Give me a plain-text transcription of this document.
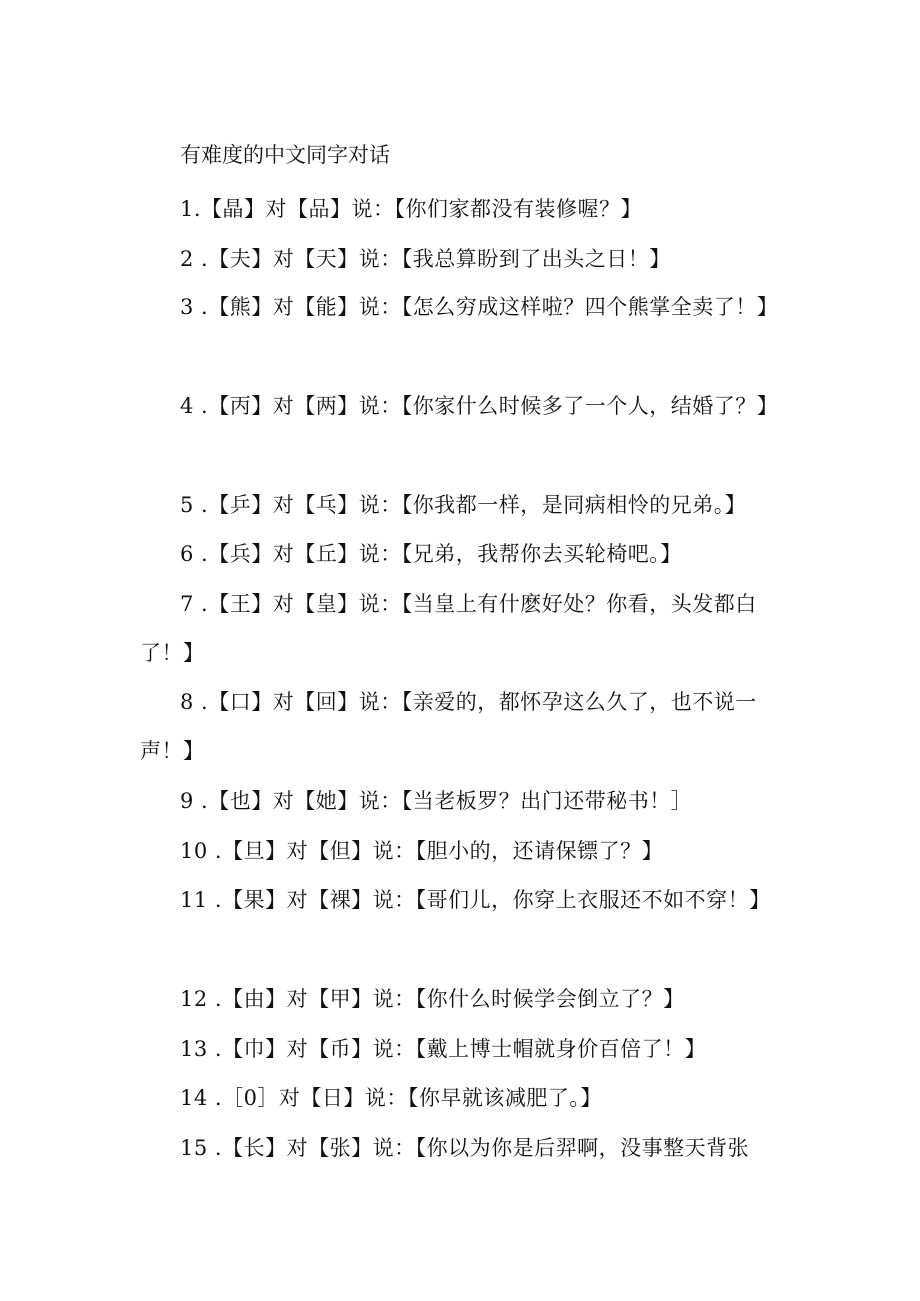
有难度的中文同字对话
1.【晶】对【品】说：【你们家都没有装修喔？】
2 .【夫】对【天】说：【我总算盼到了出头之日！】
3 .【熊】对【能】说：【怎么穷成这样啦？四个熊掌全卖了！】
4 .【丙】对【两】说：【你家什么时候多了一个人，结婚了？】
5 .【乒】对【乓】说：【你我都一样，是同病相怜的兄弟。】
6 .【兵】对【丘】说：【兄弟，我帮你去买轮椅吧。】
7 .【王】对【皇】说：【当皇上有什麽好处？你看，头发都白了！】
8 .【口】对【回】说：【亲爱的，都怀孕这么久了，也不说一声！】
9 .【也】对【她】说：【当老板罗？出门还带秘书！］
10 .【旦】对【但】说：【胆小的，还请保镖了？】
11 .【果】对【裸】说：【哥们儿，你穿上衣服还不如不穿！】
12 .【由】对【甲】说：【你什么时候学会倒立了？】
13 .【巾】对【币】说：【戴上博士帽就身价百倍了！】
14 .［0］对【日】说：【你早就该减肥了。】
15 .【长】对【张】说：【你以为你是后羿啊，没事整天背张
